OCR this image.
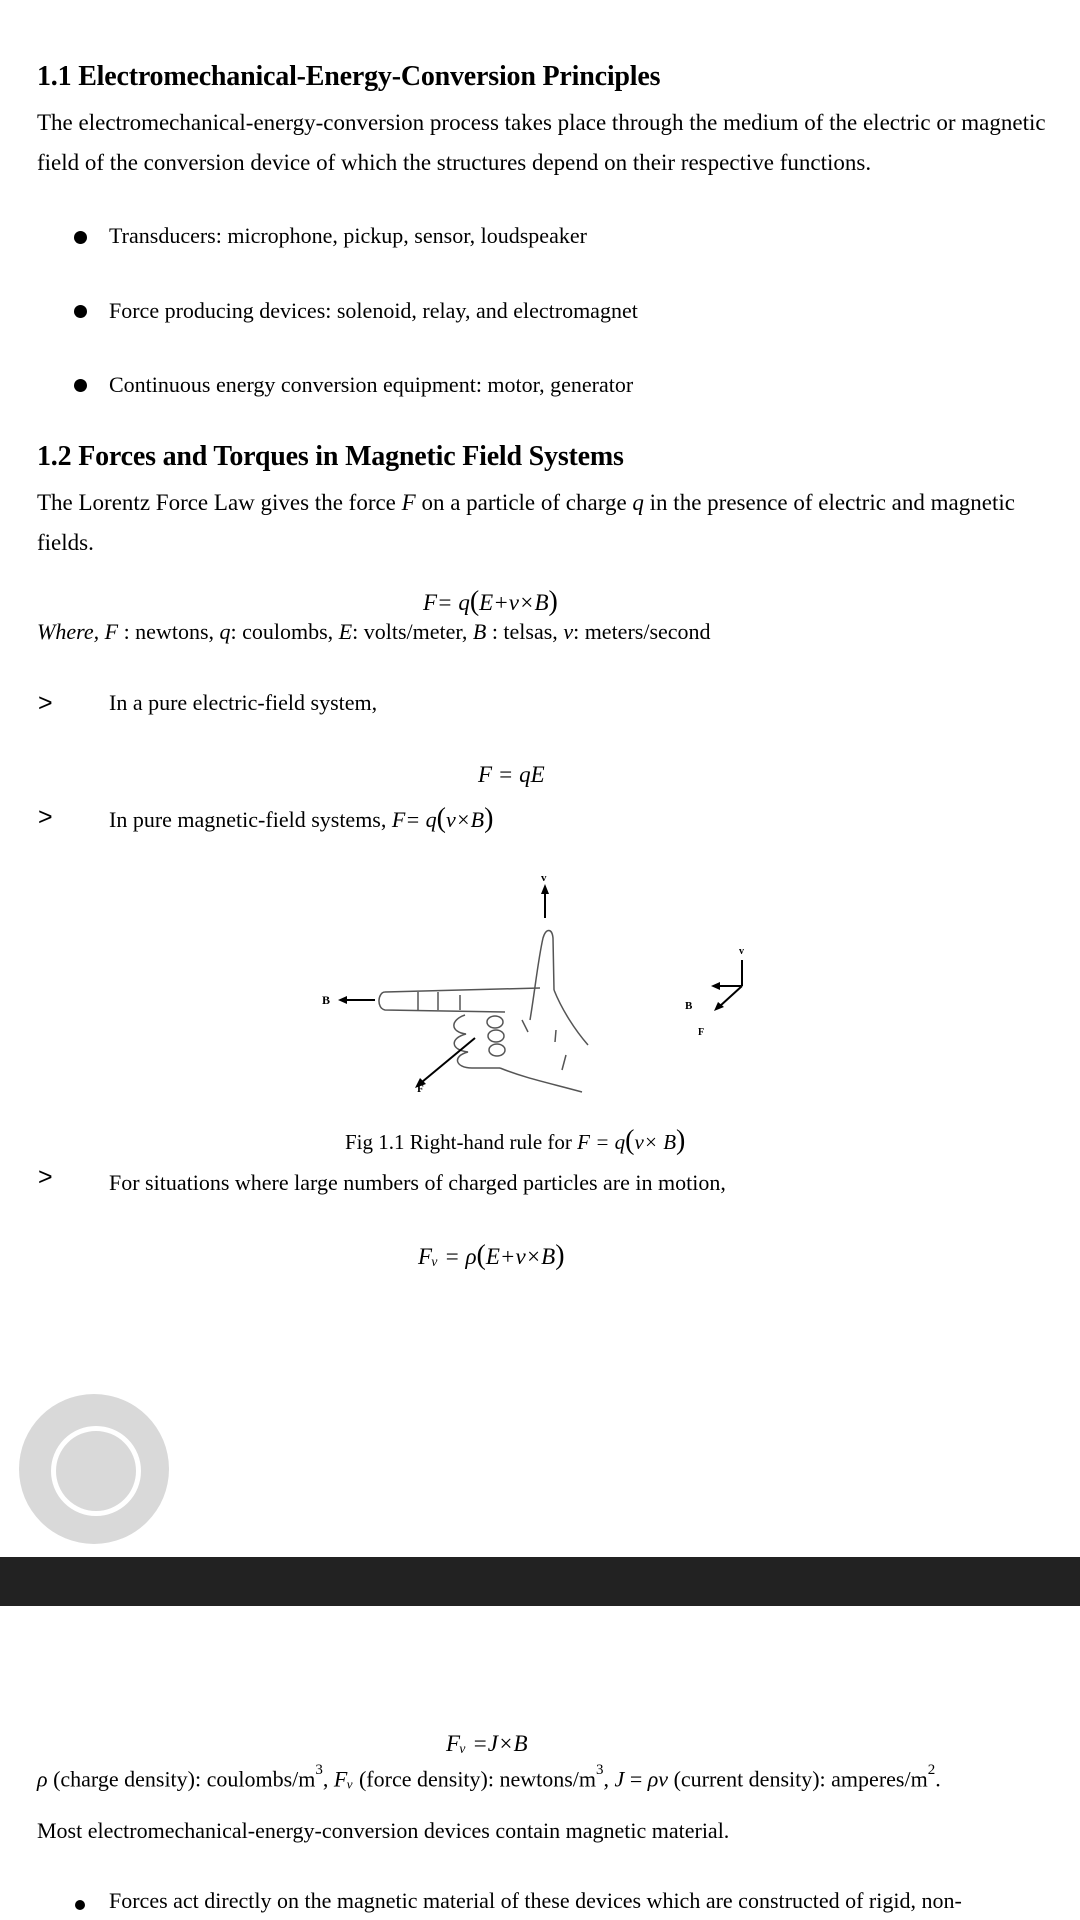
1.1 Electromechanical-Energy-Conversion Principles
The electromechanical-energy-conversion process takes place through the medium of the electric or magnetic field of the conversion device of which the structures depend on their respective functions.
Transducers: microphone, pickup, sensor, loudspeaker
Force producing devices: solenoid, relay, and electromagnet
Continuous energy conversion equipment: motor, generator
1.2 Forces and Torques in Magnetic Field Systems
The Lorentz Force Law gives the force F on a particle of charge q in the presence of electric and magnetic fields.
F= q(E+v×B)
Where, F : newtons, q: coulombs, E: volts/meter, B : telsas, v: meters/second
>	In a pure electric-field system,
F = qE
>	In pure magnetic-field systems, F= q(v×B)
v
B
F
v
B
F
Fig 1.1 Right-hand rule for F = q(v× B)
>	For situations where large numbers of charged particles are in motion,
Fᵥ = ρ(E+v×B)
Fᵥ =J×B
ρ (charge density): coulombs/$m^3$, Fᵥ (force density): newtons/$m^3$, J = ρv (current density): amperes/$m^2$.
Most electromechanical-energy-conversion devices contain magnetic material.
Forces act directly on the magnetic material of these devices which are constructed of rigid, non-
